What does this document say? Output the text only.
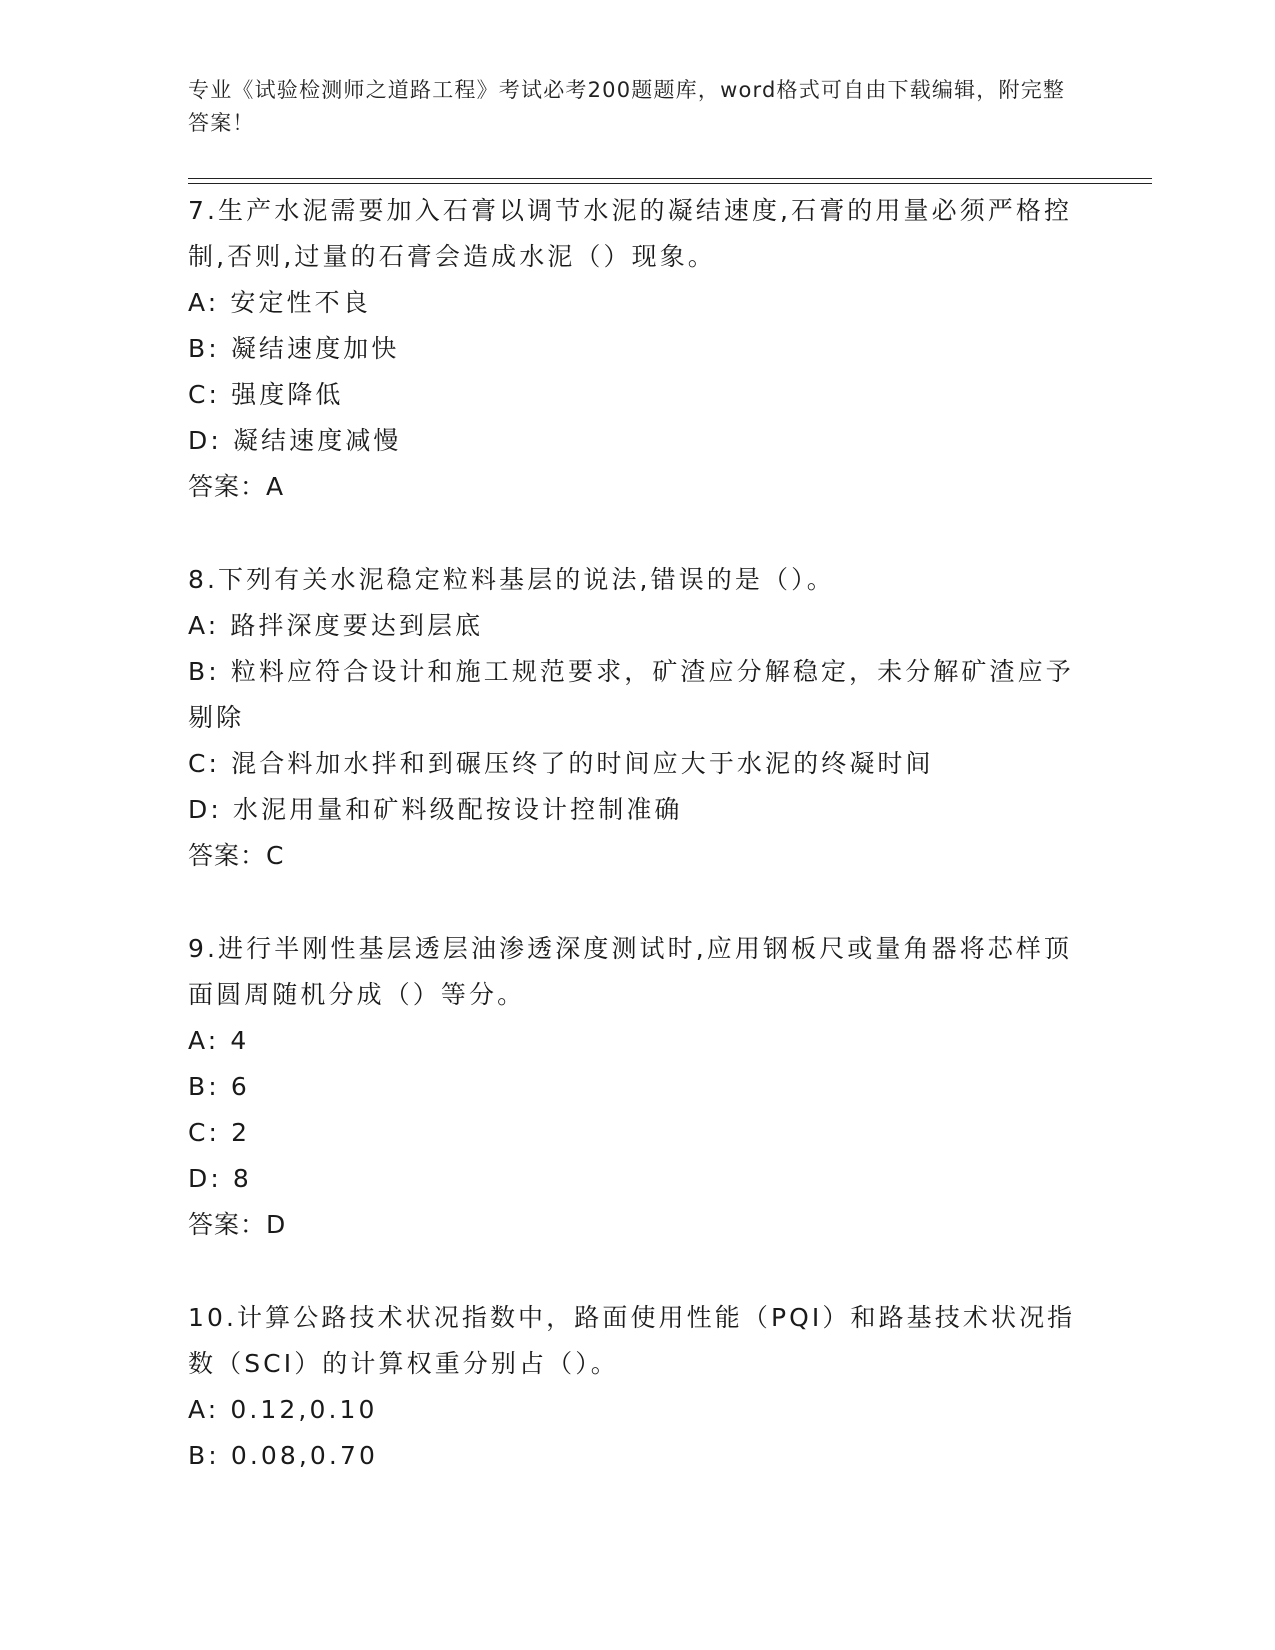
专业《试验检测师之道路工程》考试必考200题题库，word格式可自由下载编辑，附完整答案！

7.生产水泥需要加入石膏以调节水泥的凝结速度,石膏的用量必须严格控制,否则,过量的石膏会造成水泥（）现象。

A: 安定性不良

B: 凝结速度加快

C: 强度降低

D: 凝结速度减慢

答案：A

8.下列有关水泥稳定粒料基层的说法,错误的是（）。

A: 路拌深度要达到层底

B: 粒料应符合设计和施工规范要求，矿渣应分解稳定，未分解矿渣应予剔除

C: 混合料加水拌和到碾压终了的时间应大于水泥的终凝时间

D: 水泥用量和矿料级配按设计控制准确

答案：C

9.进行半刚性基层透层油渗透深度测试时,应用钢板尺或量角器将芯样顶面圆周随机分成（）等分。

A: 4

B: 6

C: 2

D: 8

答案：D

10.计算公路技术状况指数中，路面使用性能（PQI）和路基技术状况指数（SCI）的计算权重分别占（）。

A: 0.12,0.10

B: 0.08,0.70
